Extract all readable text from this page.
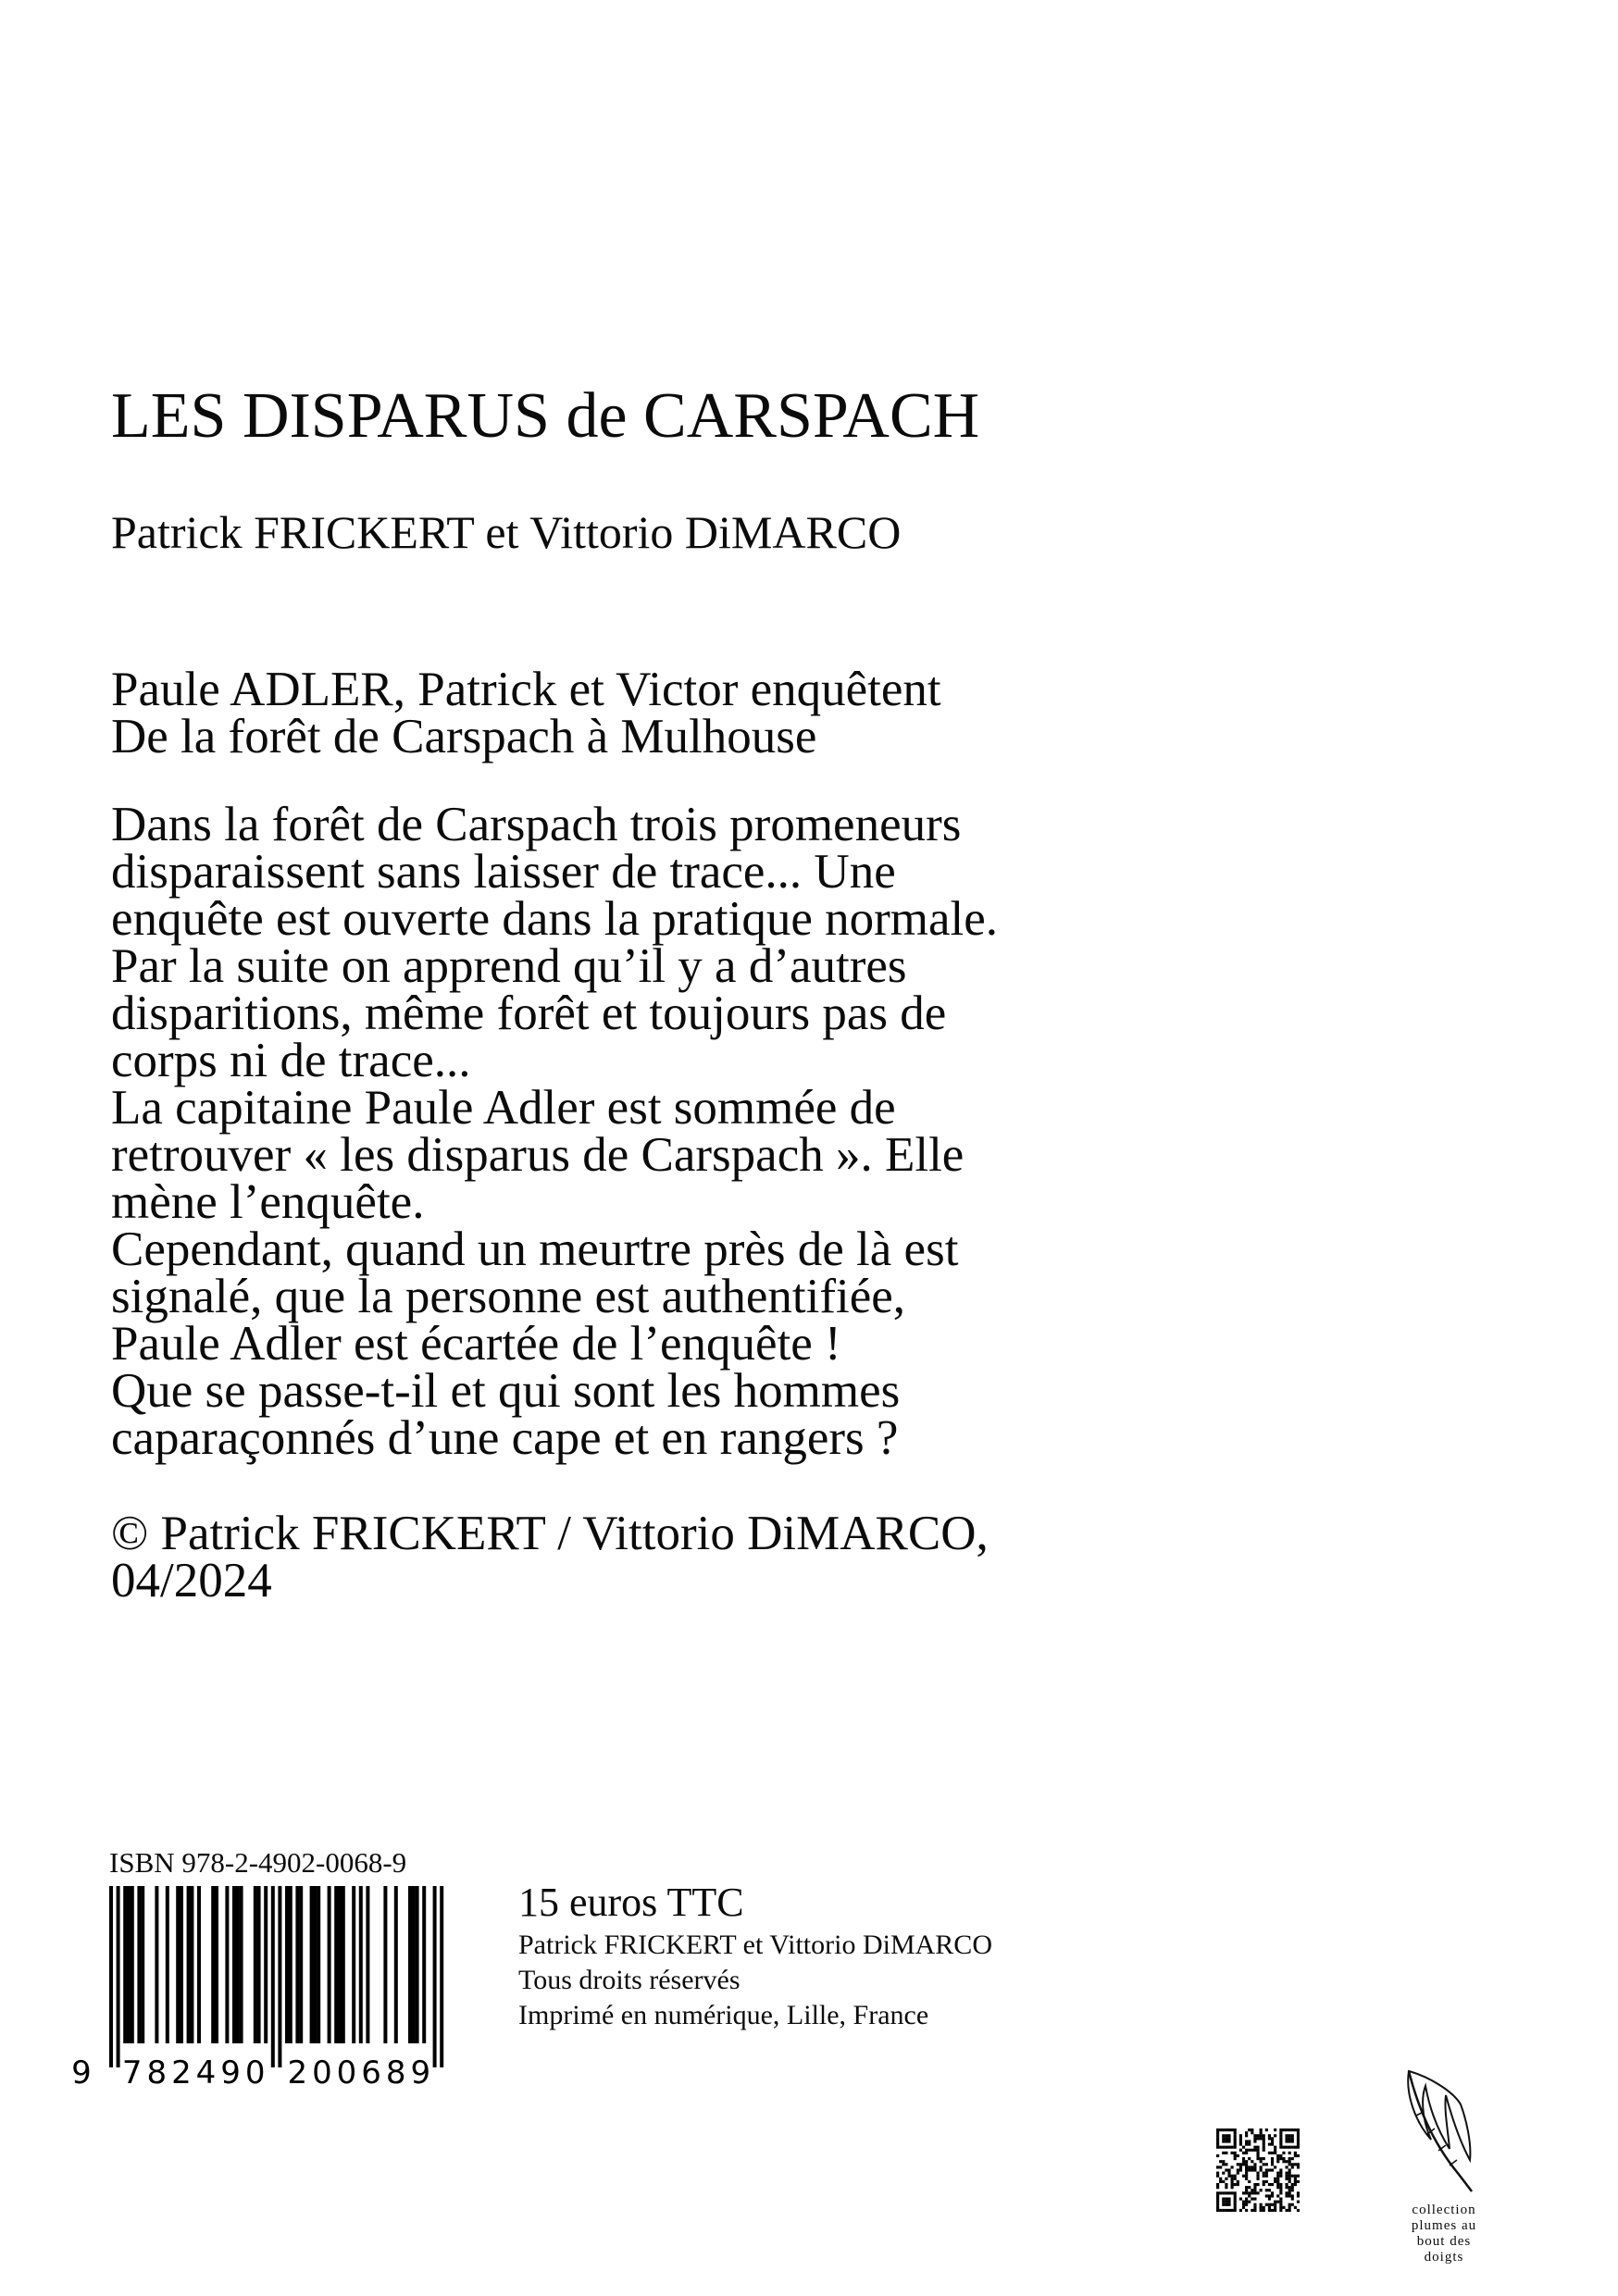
LES DISPARUS de CARSPACH
Patrick FRICKERT et Vittorio DiMARCO

Paule ADLER, Patrick et Victor enquêtent

De la forêt de Carspach à Mulhouse

Dans la forêt de Carspach trois promeneurs

disparaissent sans laisser de trace... Une

enquête est ouverte dans la pratique normale.

Par la suite on apprend qu’il y a d’autres

disparitions, même forêt et toujours pas de

corps ni de trace...

La capitaine Paule Adler est sommée de

retrouver « les disparus de Carspach ». Elle

mène l’enquête.

Cependant, quand un meurtre près de là est

signalé, que la personne est authentifiée,

Paule Adler est écartée de l’enquête !

Que se passe-t-il et qui sont les hommes

caparaçonnés d’une cape et en rangers ?

© Patrick FRICKERT / Vittorio DiMARCO,

04/2024

ISBN 978-2-4902-0068-9
9 7 8 2 4 9 0 2 0 0 6 8 9
15 euros TTC
Patrick FRICKERT et Vittorio DiMARCO
Tous droits réservés
Imprimé en numérique, Lille, France
collection
plumes au
bout des
doigts
